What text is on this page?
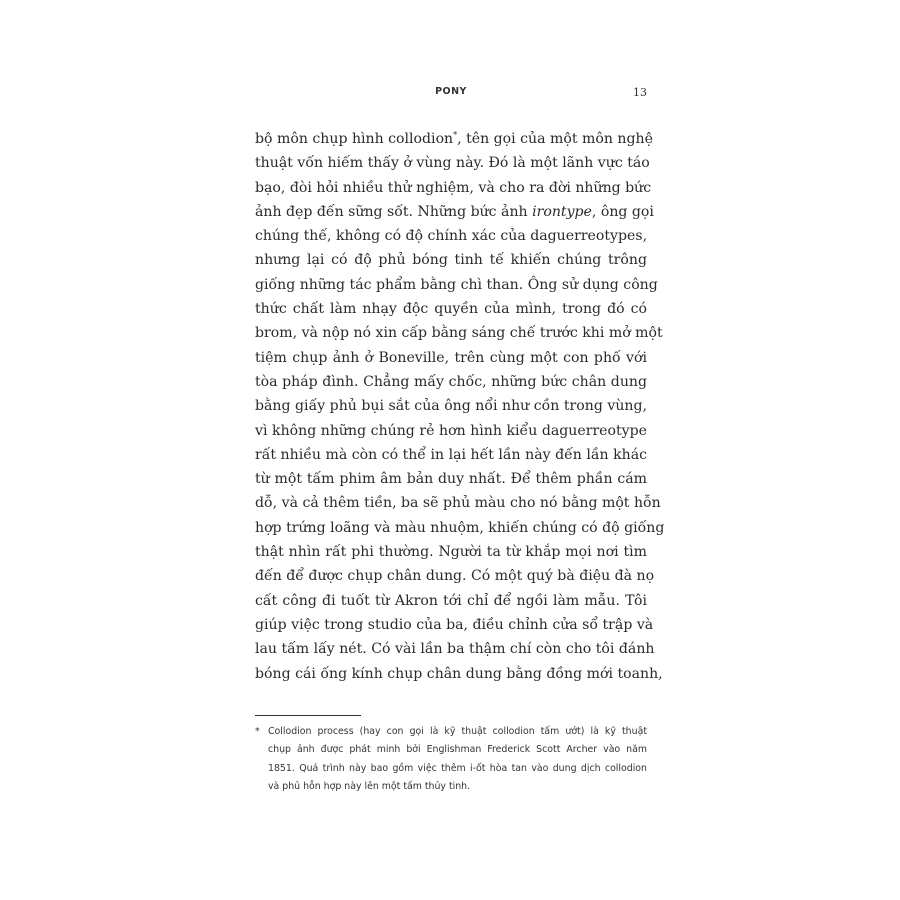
PONY	13
bộ môn chụp hình collodion*, tên gọi của một môn nghệ
thuật vốn hiếm thấy ở vùng này. Đó là một lãnh vực táo
bạo, đòi hỏi nhiều thử nghiệm, và cho ra đời những bức
ảnh đẹp đến sững sốt. Những bức ảnh irontype, ông gọi
chúng thế, không có độ chính xác của daguerreotypes,
nhưng lại có độ phủ bóng tinh tế khiến chúng trông
giống những tác phẩm bằng chì than. Ông sử dụng công
thức chất làm nhạy độc quyền của mình, trong đó có
brom, và nộp nó xin cấp bằng sáng chế trước khi mở một
tiệm chụp ảnh ở Boneville, trên cùng một con phố với
tòa pháp đình. Chẳng mấy chốc, những bức chân dung
bằng giấy phủ bụi sắt của ông nổi như cồn trong vùng,
vì không những chúng rẻ hơn hình kiểu daguerreotype
rất nhiều mà còn có thể in lại hết lần này đến lần khác
từ một tấm phim âm bản duy nhất. Để thêm phần cám
dỗ, và cả thêm tiền, ba sẽ phủ màu cho nó bằng một hỗn
hợp trứng loãng và màu nhuộm, khiến chúng có độ giống
thật nhìn rất phi thường. Người ta từ khắp mọi nơi tìm
đến để được chụp chân dung. Có một quý bà điệu đà nọ
cất công đi tuốt từ Akron tới chỉ để ngồi làm mẫu. Tôi
giúp việc trong studio của ba, điều chỉnh cửa sổ trập và
lau tấm lấy nét. Có vài lần ba thậm chí còn cho tôi đánh
bóng cái ống kính chụp chân dung bằng đồng mới toanh,
* Collodion process (hay con gọi là kỹ thuật collodion tấm ướt) là kỹ thuật
chụp ảnh được phát minh bởi Englishman Frederick Scott Archer vào năm
1851. Quá trình này bao gồm việc thêm i-ốt hòa tan vào dung dịch collodion
và phủ hỗn hợp này lên một tấm thủy tinh.
